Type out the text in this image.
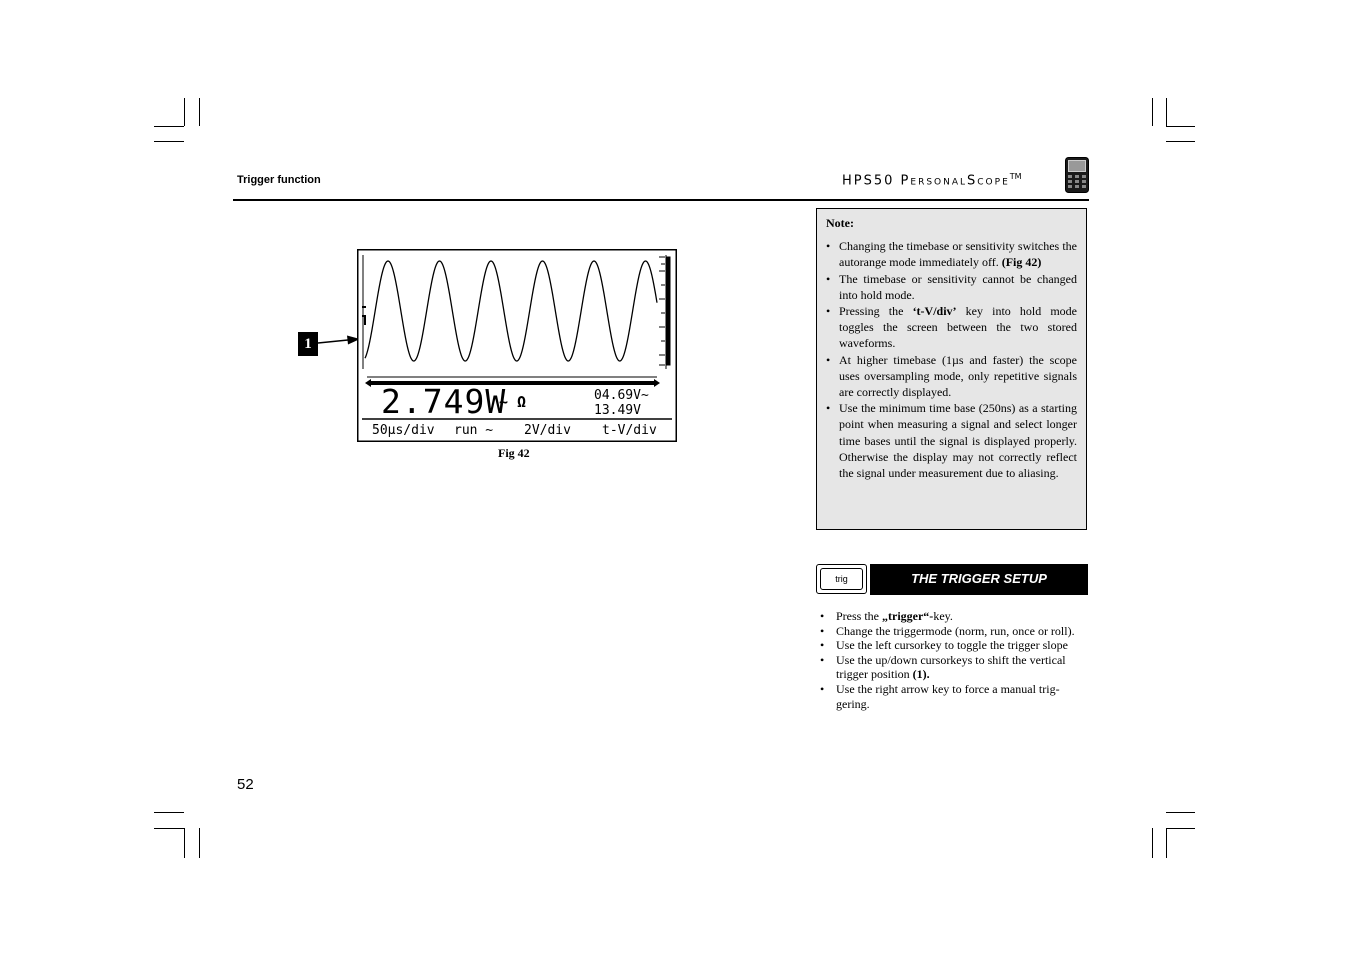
Trigger function	HPS50 PersonalScope™
1
2.749W
~ Ω	04.69V~
13.49V
50μs/div run ~ 2V/div t-V/div
Fig 42

Note:

• Changing the timebase or sensitivity switches the autorange mode immediately off. (Fig 42)
• The timebase or sensitivity cannot be changed into hold mode.
• Pressing the ‘t-V/div’ key into hold mode toggles the screen between the two stored waveforms.
• At higher timebase (1µs and faster) the scope uses oversampling mode, only repetitive signals are correctly displayed.
• Use the minimum time base (250ns) as a starting point when measuring a signal and select longer time bases until the signal is displayed properly. Otherwise the display may not correctly reflect the signal under measurement due to aliasing.
trig	THE TRIGGER SETUP
• Press the „trigger“-key.
• Change the triggermode (norm, run, once or roll).
• Use the left cursorkey to toggle the trigger slope
• Use the up/down cursorkeys to shift the vertical trigger position (1).
• Use the right arrow key to force a manual trig-gering.
52
